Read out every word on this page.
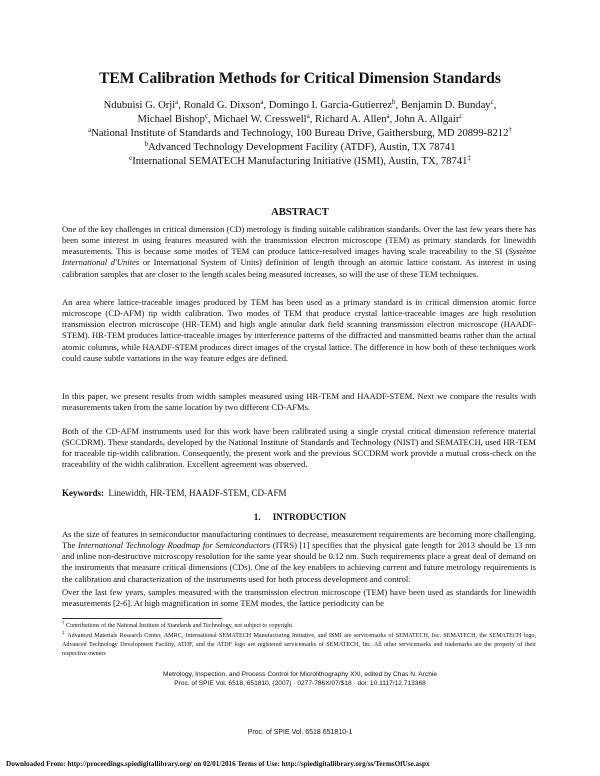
TEM Calibration Methods for Critical Dimension Standards
Ndubuisi G. Orji$^a$, Ronald G. Dixson$^a$, Domingo I. Garcia-Gutierrez$^b$, Benjamin D. Bunday$^c$,
Michael Bishop$^c$, Michael W. Cresswell$^a$, Richard A. Allen$^a$, John A. Allgair$^c$
$^a$National Institute of Standards and Technology, 100 Bureau Drive, Gaithersburg, MD 20899-8212†
$^b$Advanced Technology Development Facility (ATDF), Austin, TX 78741
$^c$International SEMATECH Manufacturing Initiative (ISMI), Austin, TX, 78741‡
ABSTRACT
One of the key challenges in critical dimension (CD) metrology is finding suitable calibration standards. Over the last few years there has been some interest in using features measured with the transmission electron microscope (TEM) as primary standards for linewidth measurements. This is because some modes of TEM can produce lattice-resolved images having scale traceability to the SI (Système International d'Unites or International System of Units) definition of length through an atomic lattice constant. As interest in using calibration samples that are closer to the length scales being measured increases, so will the use of these TEM techniques.
An area where lattice-traceable images produced by TEM has been used as a primary standard is in critical dimension atomic force microscope (CD-AFM) tip width calibration. Two modes of TEM that produce crystal lattice-traceable images are high resolution transmission electron microscope (HR-TEM) and high angle annular dark field scanning transmission electron microscope (HAADF-STEM). HR-TEM produces lattice-traceable images by interference patterns of the diffracted and transmitted beams rather than the actual atomic columns, while HAADF-STEM produces direct images of the crystal lattice. The difference in how both of these techniques work could cause subtle variations in the way feature edges are defined.
In this paper, we present results from width samples measured using HR-TEM and HAADF-STEM. Next we compare the results with measurements taken from the same location by two different CD-AFMs.
Both of the CD-AFM instruments used for this work have been calibrated using a single crystal critical dimension reference material (SCCDRM). These standards, developed by the National Institute of Standards and Technology (NIST) and SEMATECH, used HR-TEM for traceable tip-width calibration. Consequently, the present work and the previous SCCDRM work provide a mutual cross-check on the traceability of the width calibration. Excellent agreement was observed.
Keywords: Linewidth, HR-TEM, HAADF-STEM, CD-AFM
1. INTRODUCTION
As the size of features in semiconductor manufacturing continues to decrease, measurement requirements are becoming more challenging. The International Technology Roadmap for Semiconductors (ITRS) [1] specifies that the physical gate length for 2013 should be 13 nm and inline non-destructive microscopy resolution for the same year should be 0.12 nm. Such requirements place a great deal of demand on the instruments that measure critical dimensions (CDs). One of the key enablers to achieving current and future metrology requirements is the calibration and characterization of the instruments used for both process development and control.
Over the last few years, samples measured with the transmission electron microscope (TEM) have been used as standards for linewidth measurements [2-6]. At high magnification in some TEM modes, the lattice periodicity can be
† Contributions of the National Institute of Standards and Technology, not subject to copyright.
‡ Advanced Materials Research Center, AMRC, International SEMATECH Manufacturing Initiative, and ISMI are servicemarks of SEMATECH, Inc. SEMATECH, the SEMATECH logo, Advanced Technology Development Facility, ATDF, and the ATDF logo are registered servicemarks of SEMATECH, Inc. All other servicemarks and trademarks are the property of their respective owners
Metrology, Inspection, and Process Control for Microlithography XXI, edited by Chas N. Archie
Proc. of SPIE Vol. 6518, 651810, (2007) · 0277-786X/07/$18 · doi: 10.1117/12.713368
Proc. of SPIE Vol. 6518 651810-1
Downloaded From: http://proceedings.spiedigitallibrary.org/ on 02/01/2016 Terms of Use: http://spiedigitallibrary.org/ss/TermsOfUse.aspx
